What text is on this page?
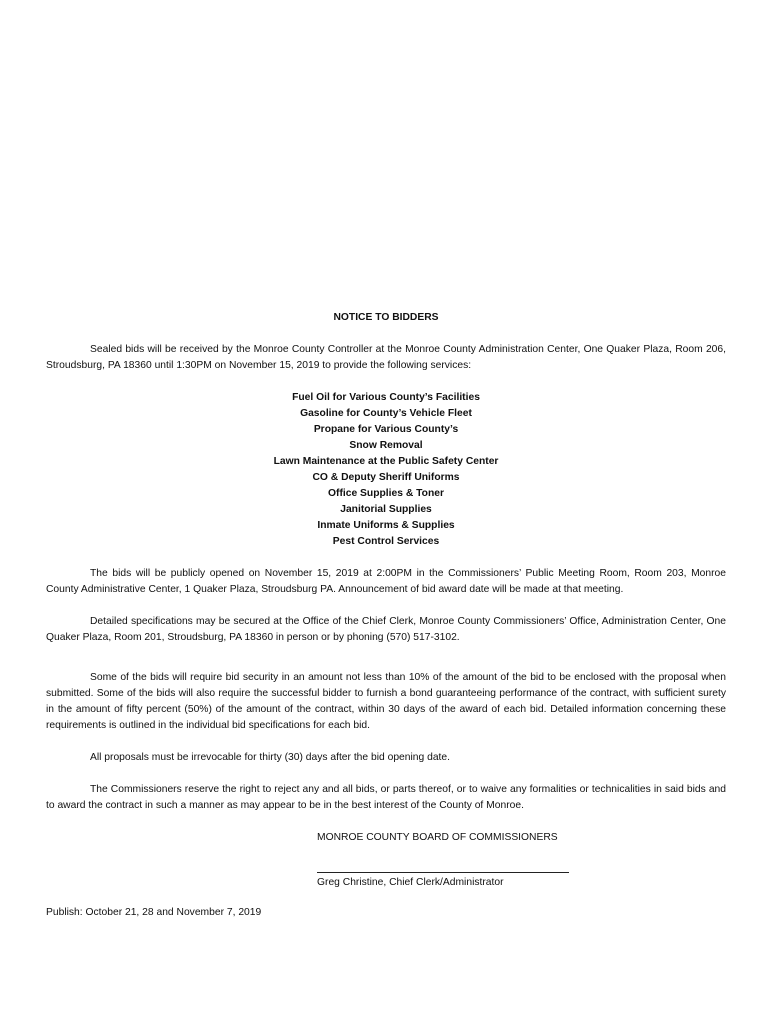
NOTICE TO BIDDERS

Sealed bids will be received by the Monroe County Controller at the Monroe County Administration Center, One Quaker Plaza, Room 206, Stroudsburg, PA 18360 until 1:30PM on November 15, 2019 to provide the following services:

Fuel Oil for Various County’s Facilities
Gasoline for County’s Vehicle Fleet
Propane for Various County’s
Snow Removal
Lawn Maintenance at the Public Safety Center
CO & Deputy Sheriff Uniforms
Office Supplies & Toner
Janitorial Supplies
Inmate Uniforms & Supplies
Pest Control Services

The bids will be publicly opened on November 15, 2019 at 2:00PM in the Commissioners’ Public Meeting Room, Room 203, Monroe County Administrative Center, 1 Quaker Plaza, Stroudsburg PA. Announcement of bid award date will be made at that meeting.

Detailed specifications may be secured at the Office of the Chief Clerk, Monroe County Commissioners’ Office, Administration Center, One Quaker Plaza, Room 201, Stroudsburg, PA 18360 in person or by phoning (570) 517-3102.

Some of the bids will require bid security in an amount not less than 10% of the amount of the bid to be enclosed with the proposal when submitted. Some of the bids will also require the successful bidder to furnish a bond guaranteeing performance of the contract, with sufficient surety in the amount of fifty percent (50%) of the amount of the contract, within 30 days of the award of each bid. Detailed information concerning these requirements is outlined in the individual bid specifications for each bid.

All proposals must be irrevocable for thirty (30) days after the bid opening date.

The Commissioners reserve the right to reject any and all bids, or parts thereof, or to waive any formalities or technicalities in said bids and to award the contract in such a manner as may appear to be in the best interest of the County of Monroe.

MONROE COUNTY BOARD OF COMMISSIONERS
Greg Christine, Chief Clerk/Administrator
Publish: October 21, 28 and November 7, 2019
